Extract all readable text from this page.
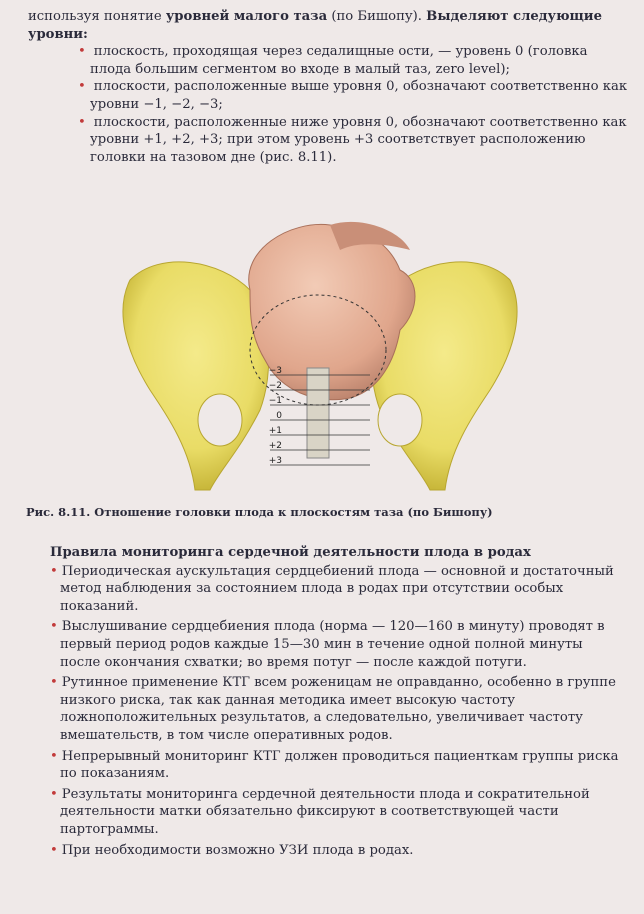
используя понятие уровней малого таза (по Бишопу). Выделяют следующие уровни:

• плоскость, проходящая через седалищные ости, — уровень 0 (головка плода большим сегментом во входе в малый таз, zero level);
• плоскости, расположенные выше уровня 0, обозначают соответственно как уровни −1, −2, −3;
• плоскости, расположенные ниже уровня 0, обозначают соответственно как уровни +1, +2, +3; при этом уровень +3 соответствует расположению головки на тазовом дне (рис. 8.11).
−3
−2
−1
0
+1
+2
+3
Рис. 8.11. Отношение головки плода к плоскостям таза (по Бишопу)

Правила мониторинга сердечной деятельности плода в родах

• Периодическая аускультация сердцебиений плода — основной и достаточный метод наблюдения за состоянием плода в родах при отсутствии особых показаний.
• Выслушивание сердцебиения плода (норма — 120—160 в минуту) проводят в первый период родов каждые 15—30 мин в течение одной полной минуты после окончания схватки; во время потуг — после каждой потуги.
• Рутинное применение КТГ всем роженицам не оправданно, особенно в группе низкого риска, так как данная методика имеет высокую частоту ложноположительных результатов, а следовательно, увеличивает частоту вмешательств, в том числе оперативных родов.
• Непрерывный мониторинг КТГ должен проводиться пациенткам группы риска по показаниям.
• Результаты мониторинга сердечной деятельности плода и сократительной деятельности матки обязательно фиксируют в соответствующей части партограммы.
• При необходимости возможно УЗИ плода в родах.
